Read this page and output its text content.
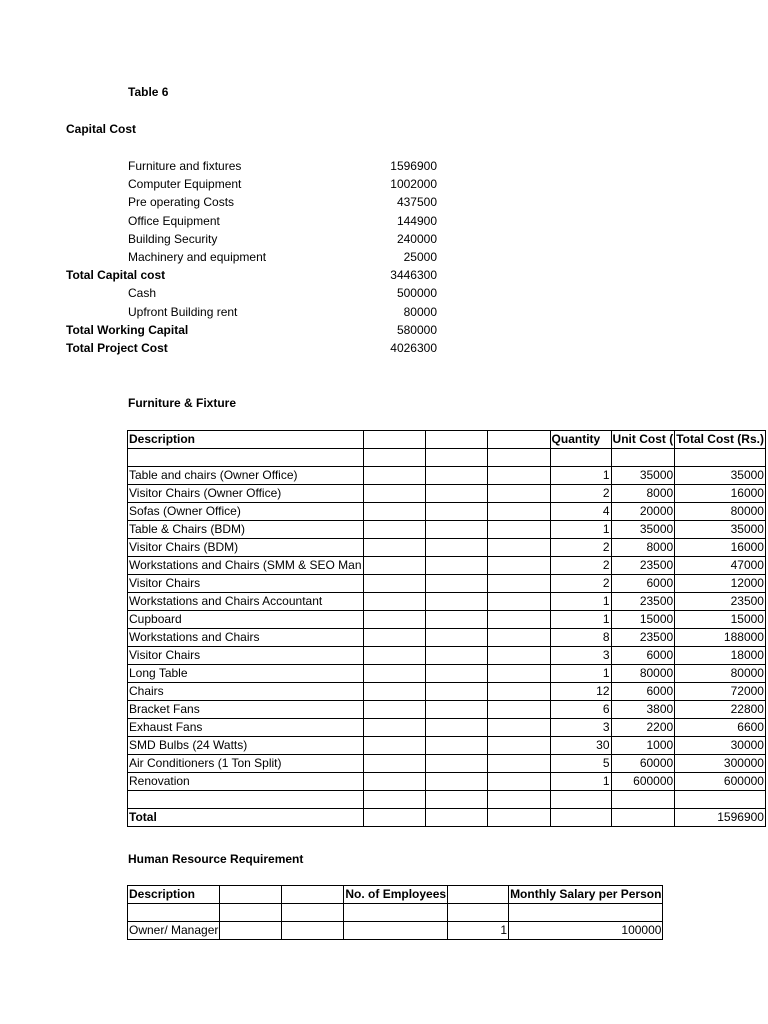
Table 6
Capital Cost
Furniture and fixtures	1596900
Computer Equipment	1002000
Pre operating Costs	437500
Office Equipment	144900
Building Security	240000
Machinery and equipment	25000
Total Capital cost	3446300
Cash	500000
Upfront Building rent	80000
Total Working Capital	580000
Total Project Cost	4026300
Furniture & Fixture
Description				Quantity	Unit Cost (	Total Cost (Rs.)

Table and chairs (Owner Office)				1	35000	35000
Visitor Chairs (Owner Office)				2	8000	16000
Sofas (Owner Office)				4	20000	80000
Table & Chairs (BDM)				1	35000	35000
Visitor Chairs (BDM)				2	8000	16000
Workstations and Chairs (SMM & SEO Man				2	23500	47000
Visitor Chairs				2	6000	12000
Workstations and Chairs Accountant				1	23500	23500
Cupboard				1	15000	15000
Workstations and Chairs				8	23500	188000
Visitor Chairs				3	6000	18000
Long Table				1	80000	80000
Chairs				12	6000	72000
Bracket Fans				6	3800	22800
Exhaust Fans				3	2200	6600
SMD Bulbs (24 Watts)				30	1000	30000
Air Conditioners (1 Ton Split)				5	60000	300000
Renovation				1	600000	600000

Total						1596900
Human Resource Requirement
Description			No. of Employees		Monthly Salary per Person

Owner/ Manager				1	100000
